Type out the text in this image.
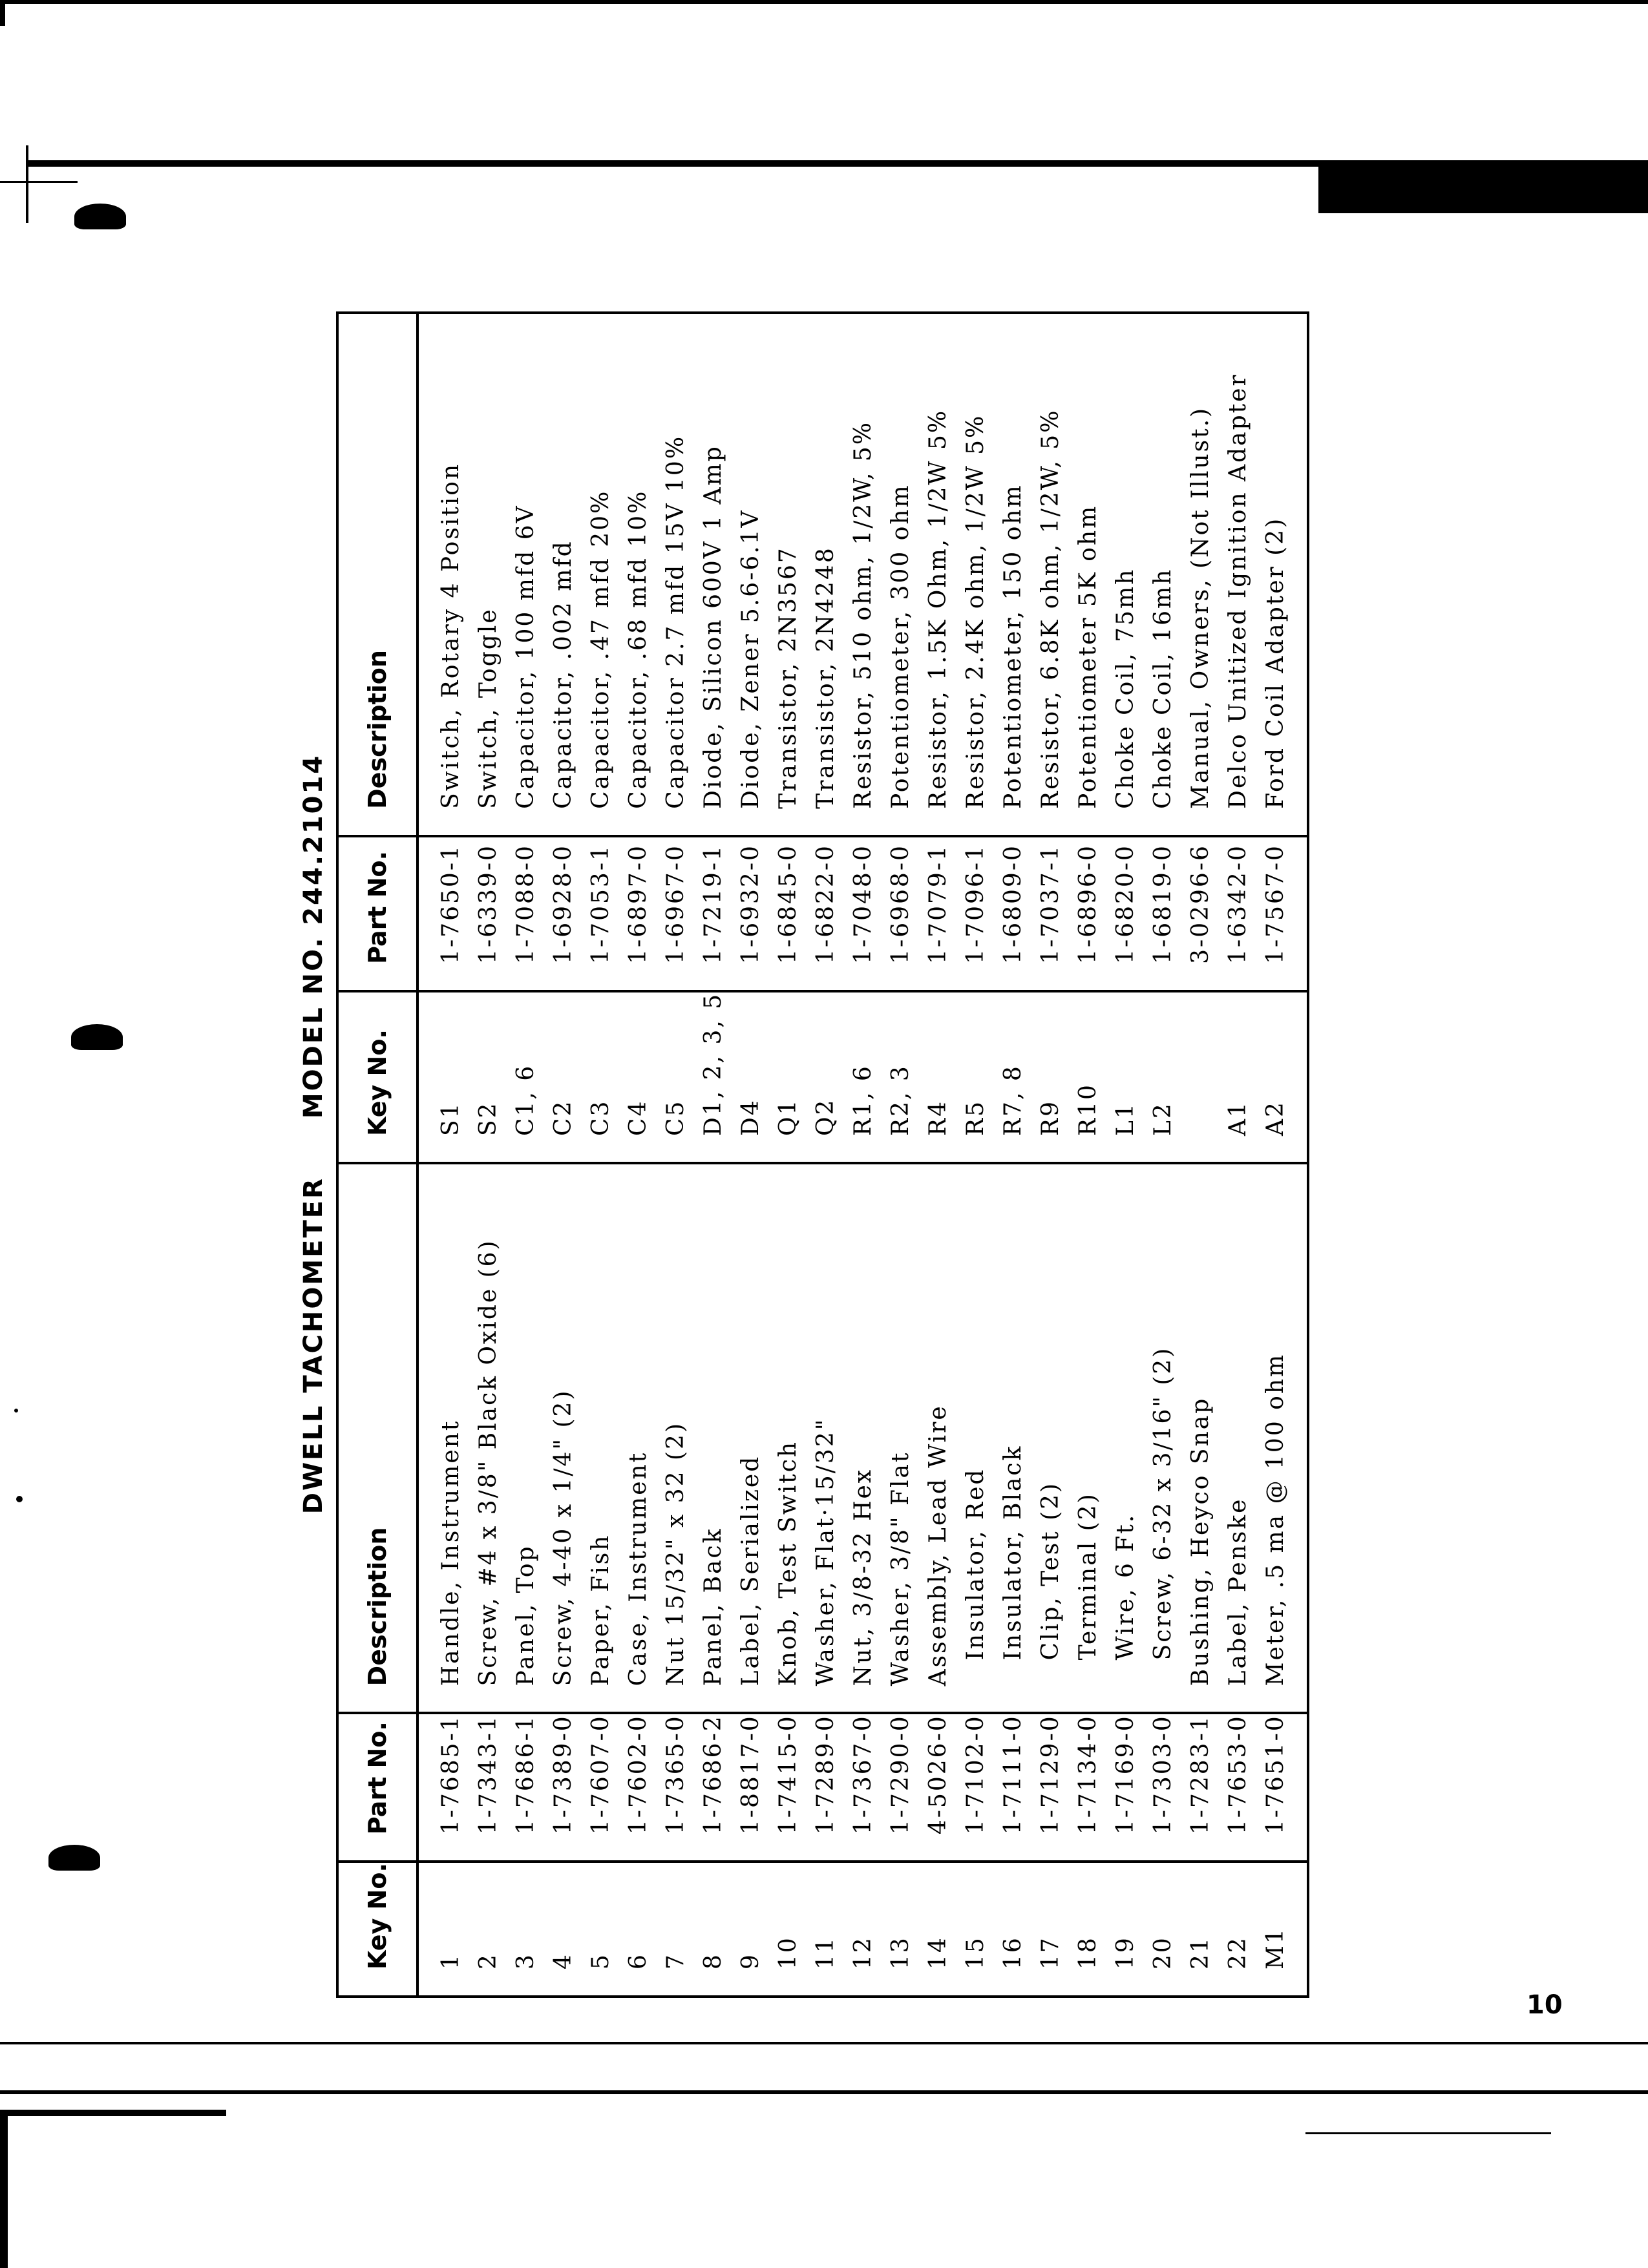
DWELL TACHOMETERMODEL NO. 244.21014
Key No.	Part No.	Description
1	1-7685-1	Handle, Instrument
2	1-7343-1	Screw, #4 x 3/8" Black Oxide (6)
3	1-7686-1	Panel, Top
4	1-7389-0	Screw, 4-40 x 1/4" (2)
5	1-7607-0	Paper, Fish
6	1-7602-0	Case, Instrument
7	1-7365-0	Nut 15/32" x 32 (2)
8	1-7686-2	Panel, Back
9	1-8817-0	Label, Serialized
10	1-7415-0	Knob, Test Switch
11	1-7289-0	Washer, Flat·15/32"
12	1-7367-0	Nut, 3/8-32 Hex
13	1-7290-0	Washer, 3/8" Flat
14	4-5026-0	Assembly, Lead Wire
15	1-7102-0	Insulator, Red
16	1-7111-0	Insulator, Black
17	1-7129-0	Clip, Test (2)
18	1-7134-0	Terminal (2)
19	1-7169-0	Wire, 6 Ft.
20	1-7303-0	Screw, 6-32 x 3/16" (2)
21	1-7283-1	Bushing, Heyco Snap
22	1-7653-0	Label, Penske
M1	1-7651-0	Meter, .5 ma @ 100 ohm
Key No.	Part No.	Description
S1	1-7650-1	Switch, Rotary 4 Position
S2	1-6339-0	Switch, Toggle
C1, 6	1-7088-0	Capacitor, 100 mfd 6V
C2	1-6928-0	Capacitor, .002 mfd
C3	1-7053-1	Capacitor, .47 mfd 20%
C4	1-6897-0	Capacitor, .68 mfd 10%
C5	1-6967-0	Capacitor 2.7 mfd 15V 10%
D1, 2, 3, 5	1-7219-1	Diode, Silicon 600V 1 Amp
D4	1-6932-0	Diode, Zener 5.6-6.1V
Q1	1-6845-0	Transistor, 2N3567
Q2	1-6822-0	Transistor, 2N4248
R1, 6	1-7048-0	Resistor, 510 ohm, 1/2W, 5%
R2, 3	1-6968-0	Potentiometer, 300 ohm
R4	1-7079-1	Resistor, 1.5K Ohm, 1/2W 5%
R5	1-7096-1	Resistor, 2.4K ohm, 1/2W 5%
R7, 8	1-6809-0	Potentiometer, 150 ohm
R9	1-7037-1	Resistor, 6.8K ohm, 1/2W, 5%
R10	1-6896-0	Potentiometer 5K ohm
L1	1-6820-0	Choke Coil, 75mh
L2	1-6819-0	Choke Coil, 16mh
	3-0296-6	Manual, Owners, (Not Illust.)
A1	1-6342-0	Delco Unitized Ignition Adapter
A2	1-7567-0	Ford Coil Adapter (2)
10
